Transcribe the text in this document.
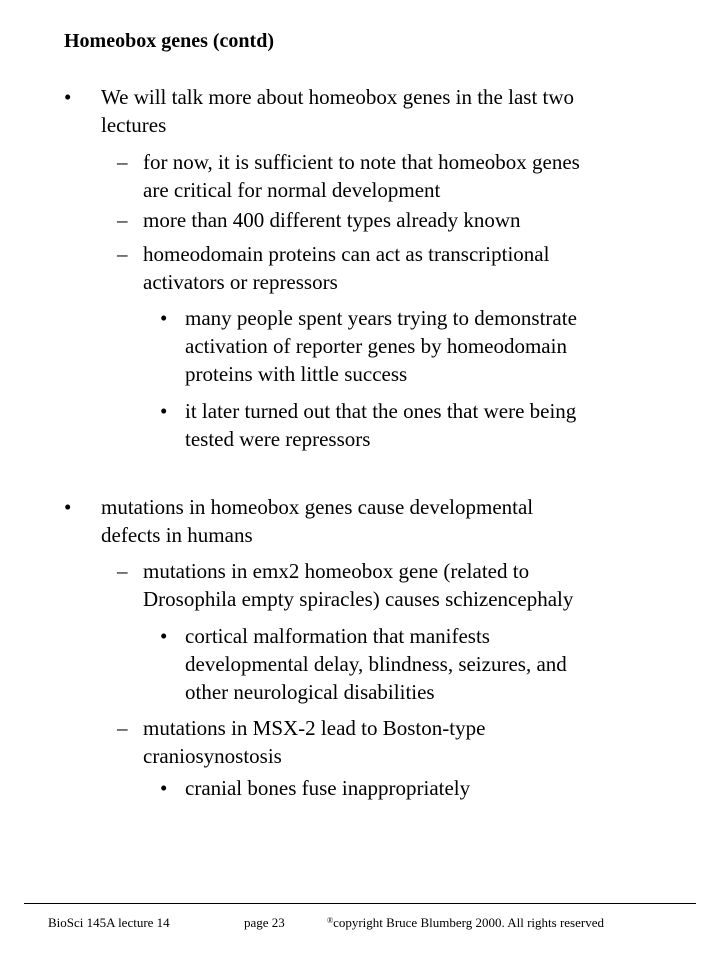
Homeobox genes (contd)
• We will talk more about homeobox genes in the last two
lectures
– for now, it is sufficient to note that homeobox genes
are critical for normal development
– more than 400 different types already known
– homeodomain proteins can act as transcriptional
activators or repressors
• many people spent years trying to demonstrate
activation of reporter genes by homeodomain
proteins with little success
• it later turned out that the ones that were being
tested were repressors
• mutations in homeobox genes cause developmental
defects in humans
– mutations in emx2 homeobox gene (related to
Drosophila empty spiracles) causes schizencephaly
• cortical malformation that manifests
developmental delay, blindness, seizures, and
other neurological disabilities
– mutations in MSX-2 lead to Boston-type
craniosynostosis
• cranial bones fuse inappropriately
BioSci 145A lecture 14	page 23	®copyright Bruce Blumberg 2000. All rights reserved
